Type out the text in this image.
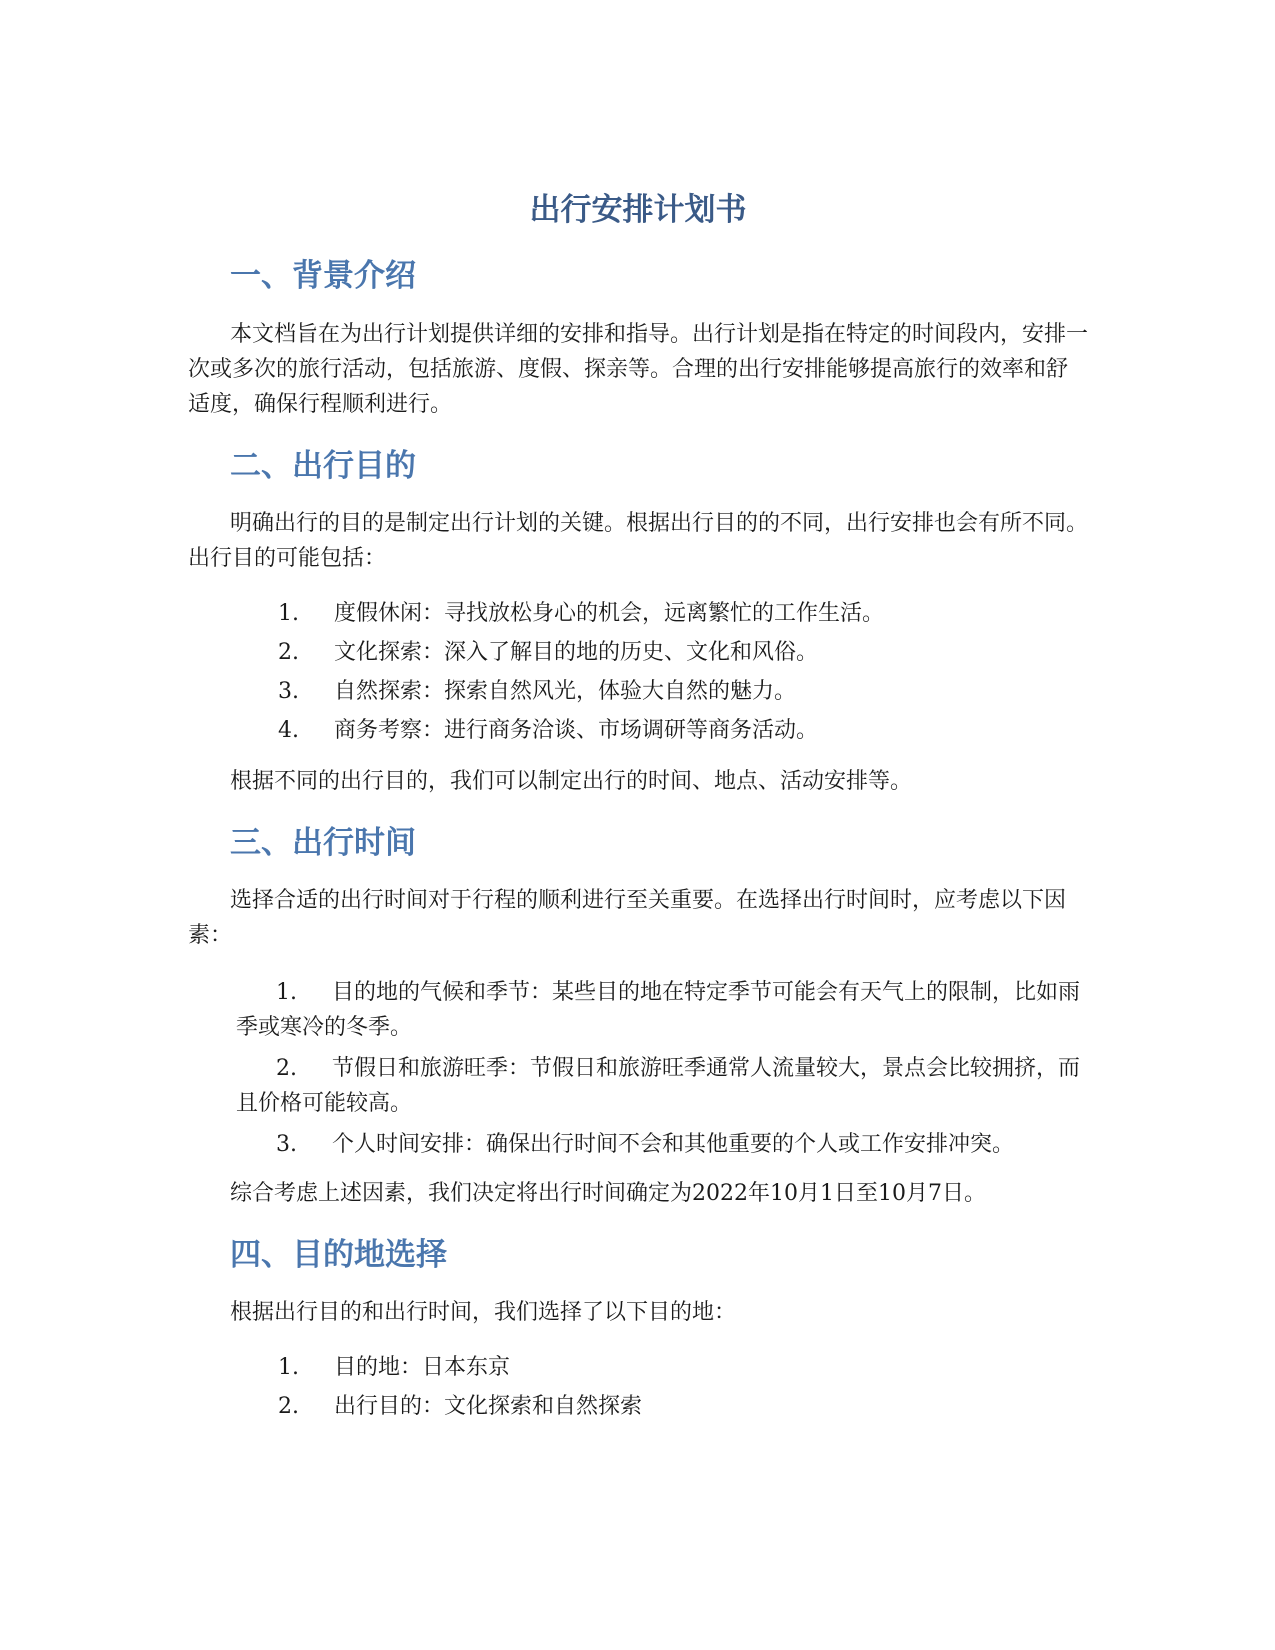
出行安排计划书
一、背景介绍

本文档旨在为出行计划提供详细的安排和指导。出行计划是指在特定的时间段内，安排一次或多次的旅行活动，包括旅游、度假、探亲等。合理的出行安排能够提高旅行的效率和舒适度，确保行程顺利进行。

二、出行目的

明确出行的目的是制定出行计划的关键。根据出行目的的不同，出行安排也会有所不同。出行目的可能包括：

1.	度假休闲：寻找放松身心的机会，远离繁忙的工作生活。
2.	文化探索：深入了解目的地的历史、文化和风俗。
3.	自然探索：探索自然风光，体验大自然的魅力。
4.	商务考察：进行商务洽谈、市场调研等商务活动。

根据不同的出行目的，我们可以制定出行的时间、地点、活动安排等。

三、出行时间

选择合适的出行时间对于行程的顺利进行至关重要。在选择出行时间时，应考虑以下因素：

1. 目的地的气候和季节：某些目的地在特定季节可能会有天气上的限制，比如雨季或寒冷的冬季。
2. 节假日和旅游旺季：节假日和旅游旺季通常人流量较大，景点会比较拥挤，而且价格可能较高。
3. 个人时间安排：确保出行时间不会和其他重要的个人或工作安排冲突。

综合考虑上述因素，我们决定将出行时间确定为2022年10月1日至10月7日。

四、目的地选择

根据出行目的和出行时间，我们选择了以下目的地：

1.	目的地：日本东京
2.	出行目的：文化探索和自然探索
